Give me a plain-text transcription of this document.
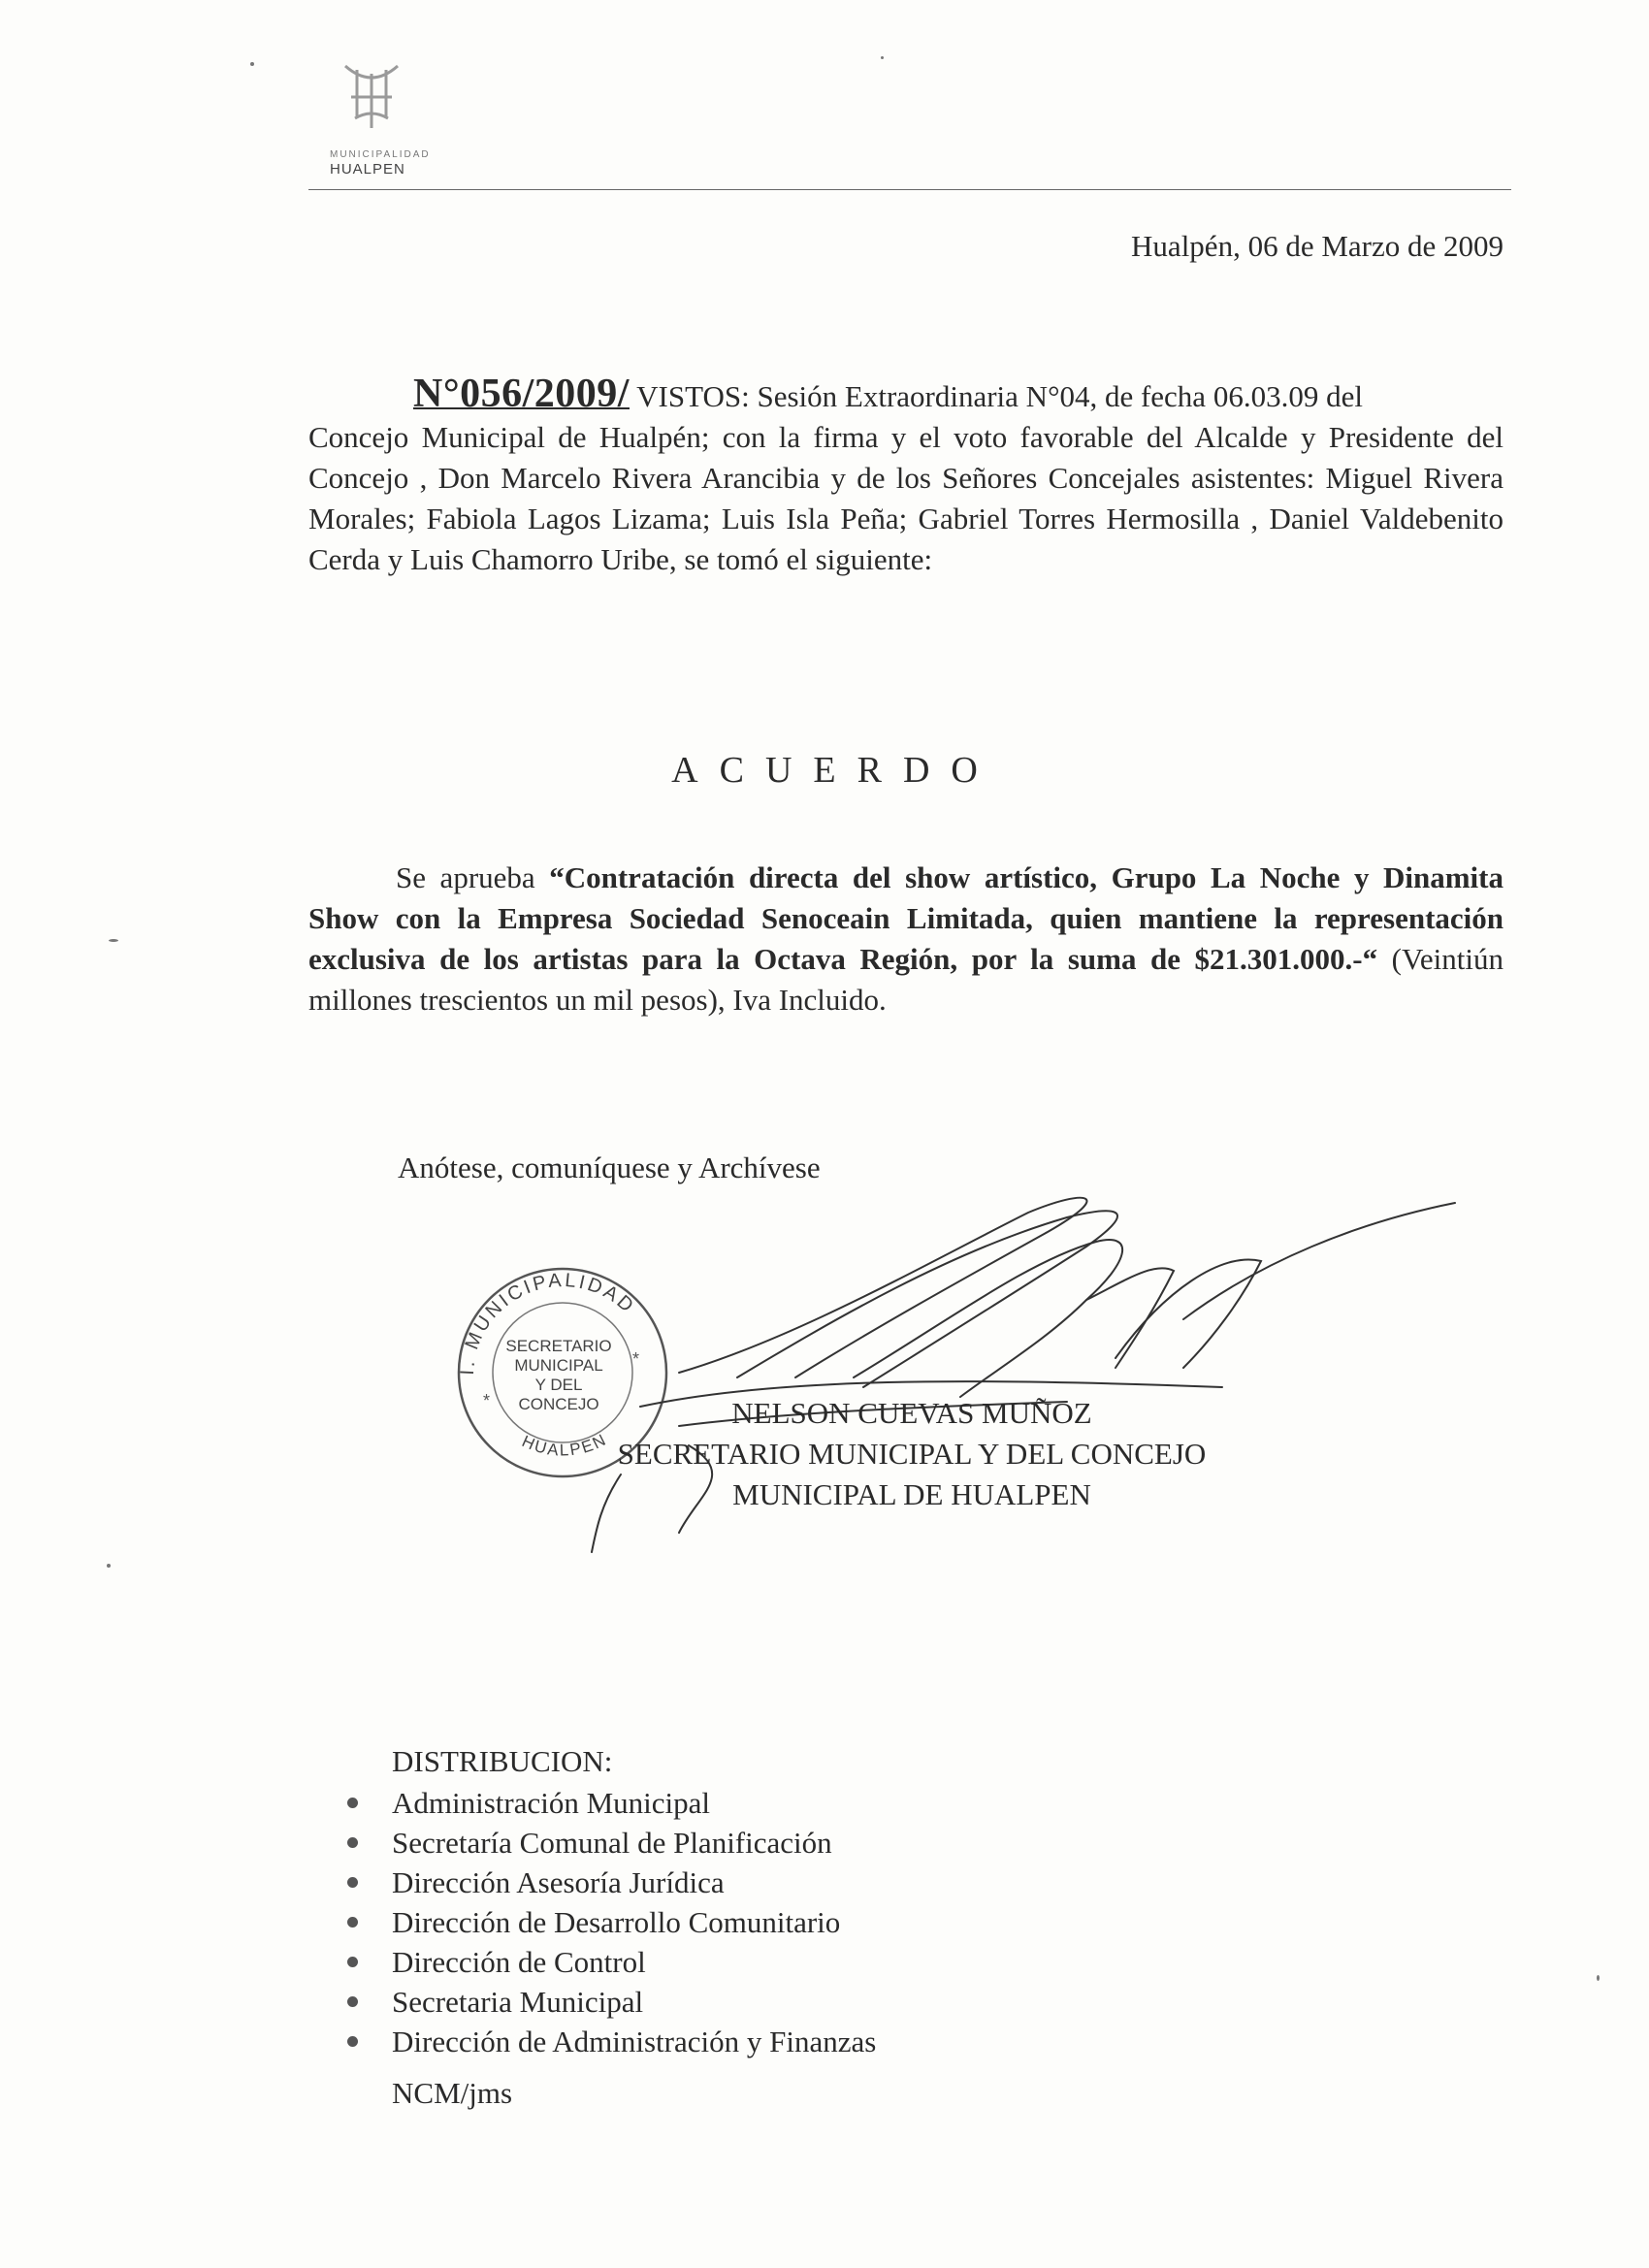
MUNICIPALIDAD
HUALPEN
Hualpén, 06 de Marzo de 2009
N°056/2009/ VISTOS: Sesión Extraordinaria N°04, de fecha 06.03.09 del
Concejo Municipal de Hualpén; con la firma y el voto favorable del Alcalde y Presidente del Concejo , Don Marcelo Rivera Arancibia y de los Señores Concejales asistentes: Miguel Rivera Morales; Fabiola Lagos Lizama; Luis Isla Peña; Gabriel Torres Hermosilla , Daniel Valdebenito Cerda y Luis Chamorro Uribe, se tomó el siguiente:
ACUERDO
Se aprueba “Contratación directa del show artístico, Grupo La Noche y Dinamita Show con la Empresa Sociedad Senoceain Limitada, quien mantiene la representación exclusiva de los artistas para la Octava Región, por la suma de $21.301.000.-“ (Veintiún millones trescientos un mil pesos), Iva Incluido.
Anótese, comuníquese y Archívese
I. MUNICIPALIDAD
HUALPEN
*
*
SECRETARIO
MUNICIPAL
Y DEL
CONCEJO	NELSON CUEVAS MUÑOZ
SECRETARIO MUNICIPAL Y DEL CONCEJO
MUNICIPAL DE HUALPEN
DISTRIBUCION:
Administración Municipal
Secretaría Comunal de Planificación
Dirección Asesoría Jurídica
Dirección de Desarrollo Comunitario
Dirección de Control
Secretaria Municipal
Dirección de Administración y Finanzas
NCM/jms
